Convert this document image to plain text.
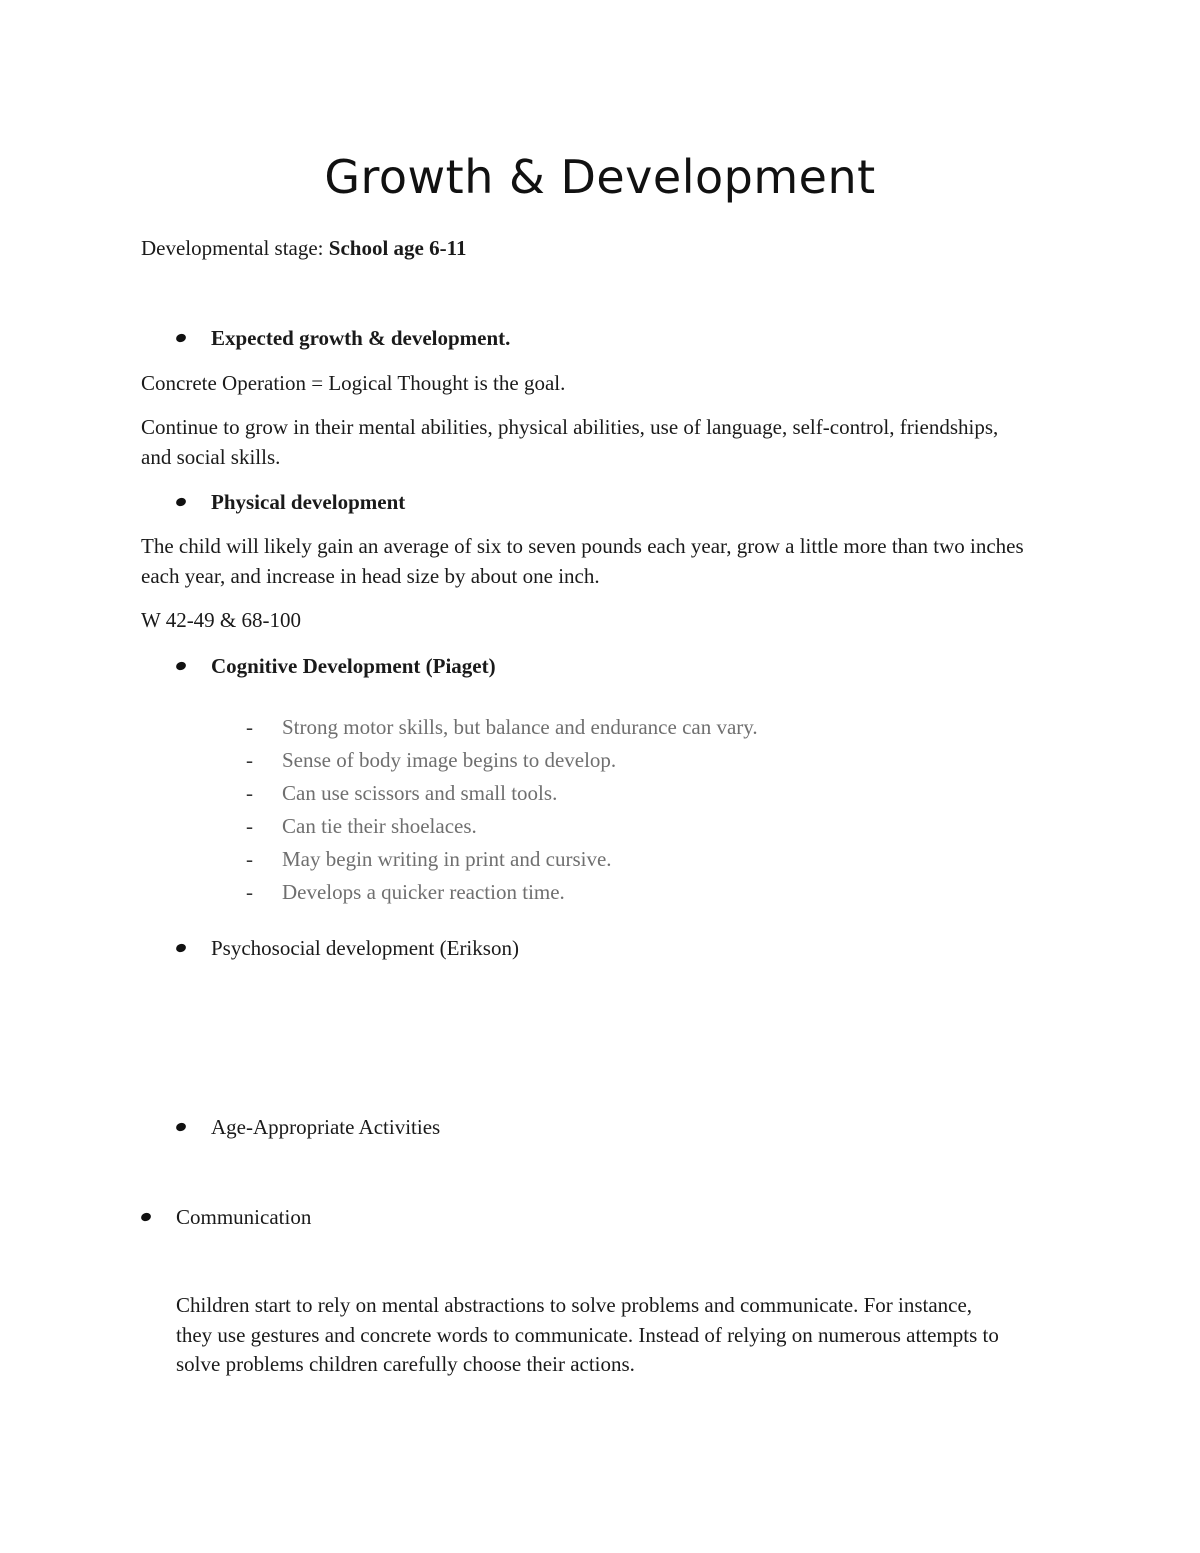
Growth & Development
Developmental stage: School age 6-11
Expected growth & development.
Concrete Operation = Logical Thought is the goal.
Continue to grow in their mental abilities, physical abilities, use of language, self-control, friendships, and social skills.
Physical development
The child will likely gain an average of six to seven pounds each year, grow a little more than two inches each year, and increase in head size by about one inch.
W 42-49 & 68-100
Cognitive Development (Piaget)
- Strong motor skills, but balance and endurance can vary.
- Sense of body image begins to develop.
- Can use scissors and small tools.
- Can tie their shoelaces.
- May begin writing in print and cursive.
- Develops a quicker reaction time.
Psychosocial development (Erikson)
Age-Appropriate Activities
Communication
Children start to rely on mental abstractions to solve problems and communicate. For instance, they use gestures and concrete words to communicate. Instead of relying on numerous attempts to solve problems children carefully choose their actions.
